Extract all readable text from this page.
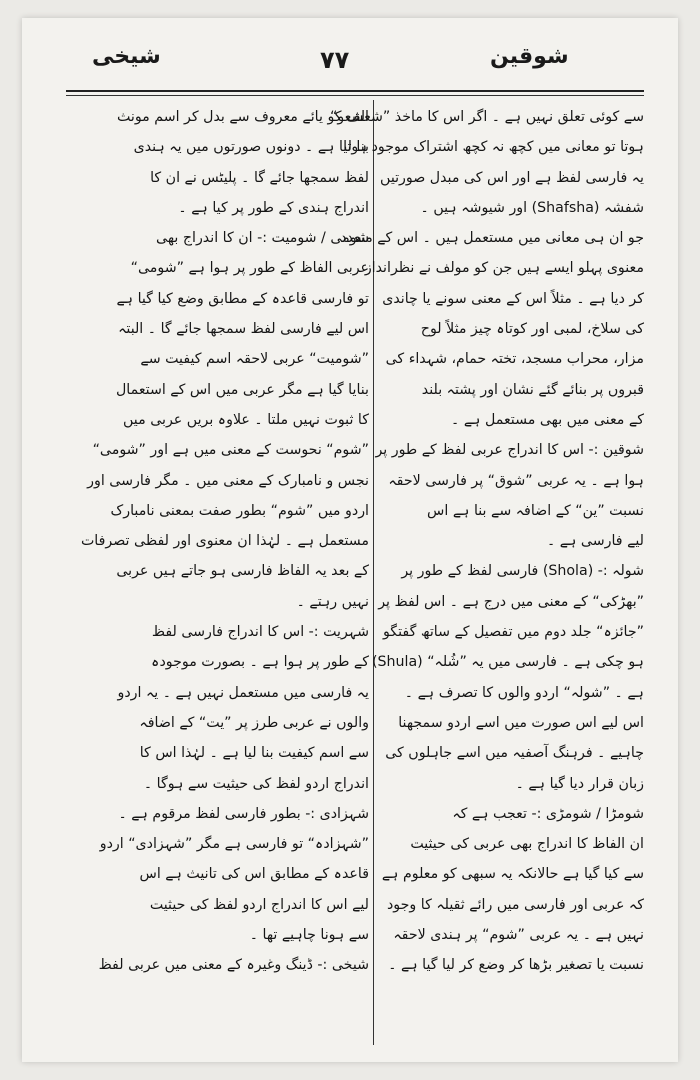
شیخی	۷۷	شوقین
سے کوئی تعلق نہیں ہے ۔ اگر اس کا ماخذ ”شعشعو“
ہوتا تو معانی میں کچھ نہ کچھ اشتراک موجود ہوتا
یہ فارسی لفظ ہے اور اس کی مبدل صورتیں
شفشہ (Shafsha) اور شیوشہ ہیں ۔
جو ان ہی معانی میں مستعمل ہیں ۔ اس کے متعدد
معنوی پہلو ایسے ہیں جن کو مولف نے نظرانداز
کر دیا ہے ۔ مثلاً اس کے معنی سونے یا چاندی
کی سلاخ، لمبی اور کوتاہ چیز مثلاً لوح
مزار، محراب مسجد، تختہ حمام، شہداء کی
قبروں پر بنائے گئے نشان اور پشتہ بلند
کے معنی میں بھی مستعمل ہے ۔
شوقین :- اس کا اندراج عربی لفظ کے طور پر
ہوا ہے ۔ یہ عربی ”شوق“ پر فارسی لاحقہ
نسبت ”ین“ کے اضافہ سے بنا ہے اس
لیے فارسی ہے ۔
شولہ :- (Shola) فارسی لفظ کے طور پر
”بھڑکی“ کے معنی میں درج ہے ۔ اس لفظ پر
”جائزہ“ جلد دوم میں تفصیل کے ساتھ گفتگو
ہو چکی ہے ۔ فارسی میں یہ ”شُلہ“ (Shula)
ہے ۔ ”شولہ“ اردو والوں کا تصرف ہے ۔
اس لیے اس صورت میں اسے اردو سمجھنا
چاہیے ۔ فرہنگ آصفیہ میں اسے جاہلوں کی
زبان قرار دیا گیا ہے ۔
شومڑا / شومڑی :- تعجب ہے کہ
ان الفاظ کا اندراج بھی عربی کی حیثیت
سے کیا گیا ہے حالانکہ یہ سبھی کو معلوم ہے
کہ عربی اور فارسی میں رائے ثقیلہ کا وجود
نہیں ہے ۔ یہ عربی ”شوم“ پر ہندی لاحقہ
نسبت یا تصغیر بڑھا کر وضع کر لیا گیا ہے ۔
الف کو یائے معروف سے بدل کر اسم مونث
بنا لیا ہے ۔ دونوں صورتوں میں یہ ہندی
لفظ سمجھا جائے گا ۔ پلیٹس نے ان کا
اندراج ہندی کے طور پر کیا ہے ۔
شومی / شومیت :- ان کا اندراج بھی
عربی الفاظ کے طور پر ہوا ہے ”شومی“
تو فارسی قاعدہ کے مطابق وضع کیا گیا ہے
اس لیے فارسی لفظ سمجھا جائے گا ۔ البتہ
”شومیت“ عربی لاحقہ اسم کیفیت سے
بنایا گیا ہے مگر عربی میں اس کے استعمال
کا ثبوت نہیں ملتا ۔ علاوہ بریں عربی میں
”شوم“ نحوست کے معنی میں ہے اور ”شومی“
نجس و نامبارک کے معنی میں ۔ مگر فارسی اور
اردو میں ”شوم“ بطور صفت بمعنی نامبارک
مستعمل ہے ۔ لہٰذا ان معنوی اور لفظی تصرفات
کے بعد یہ الفاظ فارسی ہو جاتے ہیں عربی
نہیں رہتے ۔
شہریت :- اس کا اندراج فارسی لفظ
کے طور پر ہوا ہے ۔ بصورت موجودہ
یہ فارسی میں مستعمل نہیں ہے ۔ یہ اردو
والوں نے عربی طرز پر ”یت“ کے اضافہ
سے اسم کیفیت بنا لیا ہے ۔ لہٰذا اس کا
اندراج اردو لفظ کی حیثیت سے ہوگا ۔
شہزادی :- بطور فارسی لفظ مرقوم ہے ۔
”شہزادہ“ تو فارسی ہے مگر ”شہزادی“ اردو
قاعدہ کے مطابق اس کی تانیث ہے اس
لیے اس کا اندراج اردو لفظ کی حیثیت
سے ہونا چاہیے تھا ۔
شیخی :- ڈینگ وغیرہ کے معنی میں عربی لفظ
